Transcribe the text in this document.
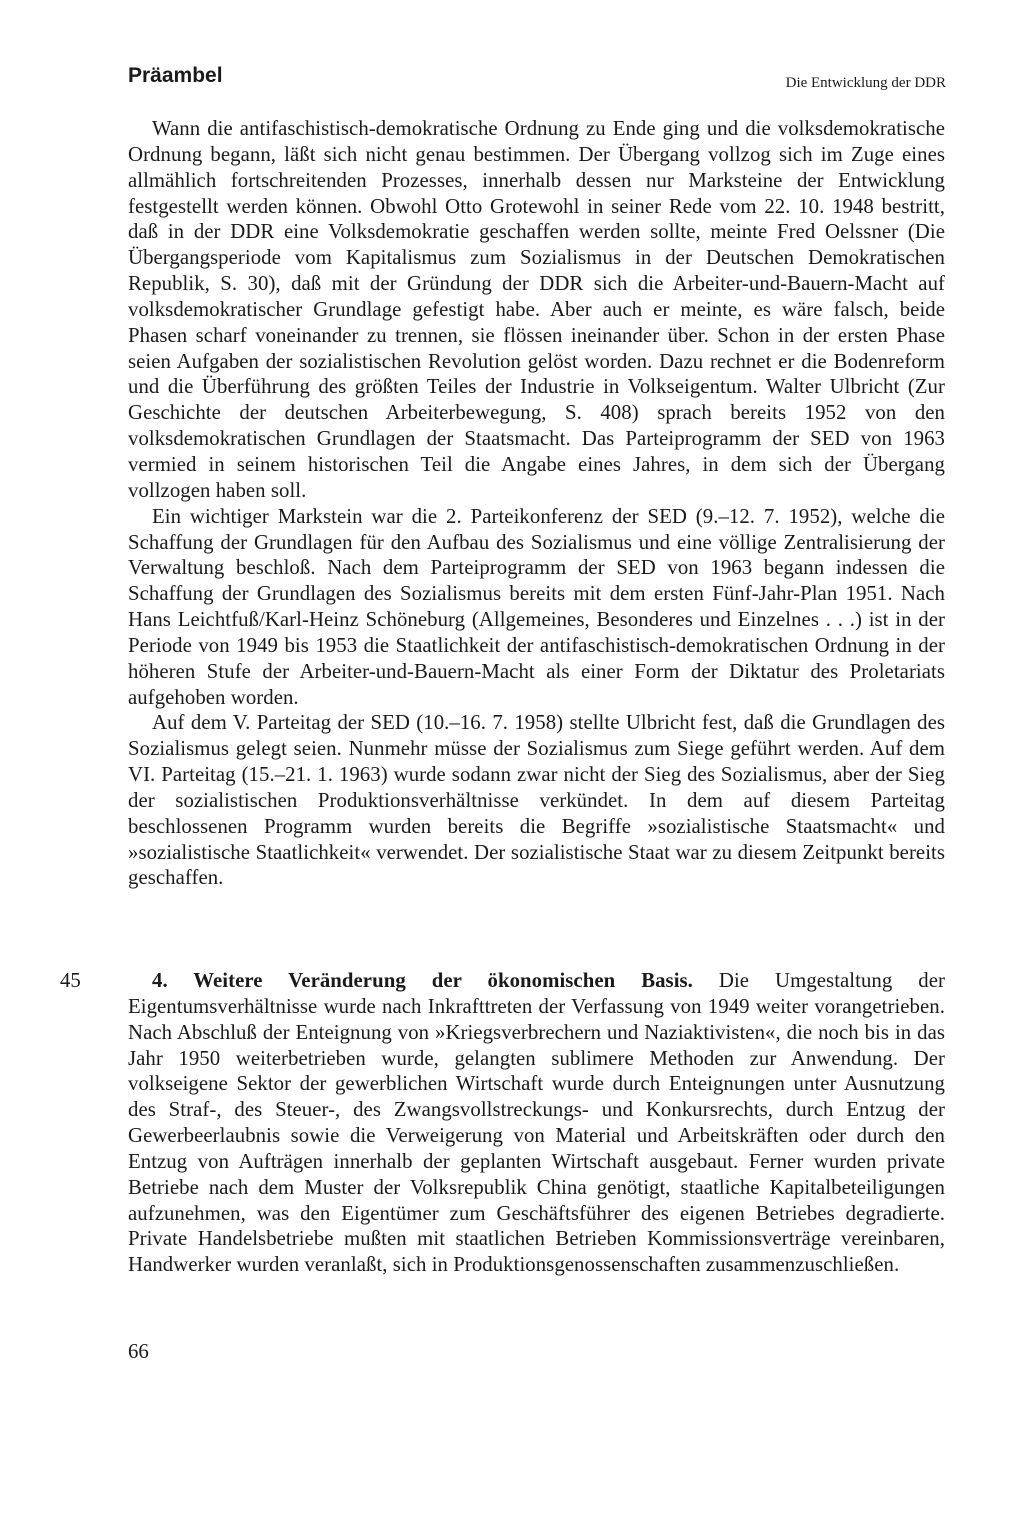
Präambel	Die Entwicklung der DDR

Wann die antifaschistisch-demokratische Ordnung zu Ende ging und die volksdemokratische Ordnung begann, läßt sich nicht genau bestimmen. Der Übergang vollzog sich im Zuge eines allmählich fortschreitenden Prozesses, innerhalb dessen nur Marksteine der Entwicklung festgestellt werden können. Obwohl Otto Grotewohl in seiner Rede vom 22. 10. 1948 bestritt, daß in der DDR eine Volksdemokratie geschaffen werden sollte, meinte Fred Oelssner (Die Übergangsperiode vom Kapitalismus zum Sozialismus in der Deutschen Demokratischen Republik, S. 30), daß mit der Gründung der DDR sich die Arbeiter-und-Bauern-Macht auf volksdemokratischer Grundlage gefestigt habe. Aber auch er meinte, es wäre falsch, beide Phasen scharf voneinander zu trennen, sie flössen ineinander über. Schon in der ersten Phase seien Aufgaben der sozialistischen Revolution gelöst worden. Dazu rechnet er die Bodenreform und die Überführung des größten Teiles der Industrie in Volkseigentum. Walter Ulbricht (Zur Geschichte der deutschen Arbeiterbewegung, S. 408) sprach bereits 1952 von den volksdemokratischen Grundlagen der Staatsmacht. Das Parteiprogramm der SED von 1963 vermied in seinem historischen Teil die Angabe eines Jahres, in dem sich der Übergang vollzogen haben soll.

Ein wichtiger Markstein war die 2. Parteikonferenz der SED (9.–12. 7. 1952), welche die Schaffung der Grundlagen für den Aufbau des Sozialismus und eine völlige Zentralisierung der Verwaltung beschloß. Nach dem Parteiprogramm der SED von 1963 begann indessen die Schaffung der Grundlagen des Sozialismus bereits mit dem ersten Fünf-Jahr-Plan 1951. Nach Hans Leichtfuß/Karl-Heinz Schöneburg (Allgemeines, Besonderes und Einzelnes . . .) ist in der Periode von 1949 bis 1953 die Staatlichkeit der antifaschistisch-demokratischen Ordnung in der höheren Stufe der Arbeiter-und-Bauern-Macht als einer Form der Diktatur des Proletariats aufgehoben worden.

Auf dem V. Parteitag der SED (10.–16. 7. 1958) stellte Ulbricht fest, daß die Grundlagen des Sozialismus gelegt seien. Nunmehr müsse der Sozialismus zum Siege geführt werden. Auf dem VI. Parteitag (15.–21. 1. 1963) wurde sodann zwar nicht der Sieg des Sozialismus, aber der Sieg der sozialistischen Produktionsverhältnisse verkündet. In dem auf diesem Parteitag beschlossenen Programm wurden bereits die Begriffe »sozialistische Staatsmacht« und »sozialistische Staatlichkeit« verwendet. Der sozialistische Staat war zu diesem Zeitpunkt bereits geschaffen.

45	4. Weitere Veränderung der ökonomischen Basis. Die Umgestaltung der Eigentumsverhältnisse wurde nach Inkrafttreten der Verfassung von 1949 weiter vorangetrieben. Nach Abschluß der Enteignung von »Kriegsverbrechern und Naziaktivisten«, die noch bis in das Jahr 1950 weiterbetrieben wurde, gelangten sublimere Methoden zur Anwendung. Der volkseigene Sektor der gewerblichen Wirtschaft wurde durch Enteignungen unter Ausnutzung des Straf-, des Steuer-, des Zwangsvollstreckungs- und Konkursrechts, durch Entzug der Gewerbeerlaubnis sowie die Verweigerung von Material und Arbeitskräften oder durch den Entzug von Aufträgen innerhalb der geplanten Wirtschaft ausgebaut. Ferner wurden private Betriebe nach dem Muster der Volksrepublik China genötigt, staatliche Kapitalbeteiligungen aufzunehmen, was den Eigentümer zum Geschäftsführer des eigenen Betriebes degradierte. Private Handelsbetriebe mußten mit staatlichen Betrieben Kommissionsverträge vereinbaren, Handwerker wurden veranlaßt, sich in Produktionsgenossenschaften zusammenzuschließen.

66
